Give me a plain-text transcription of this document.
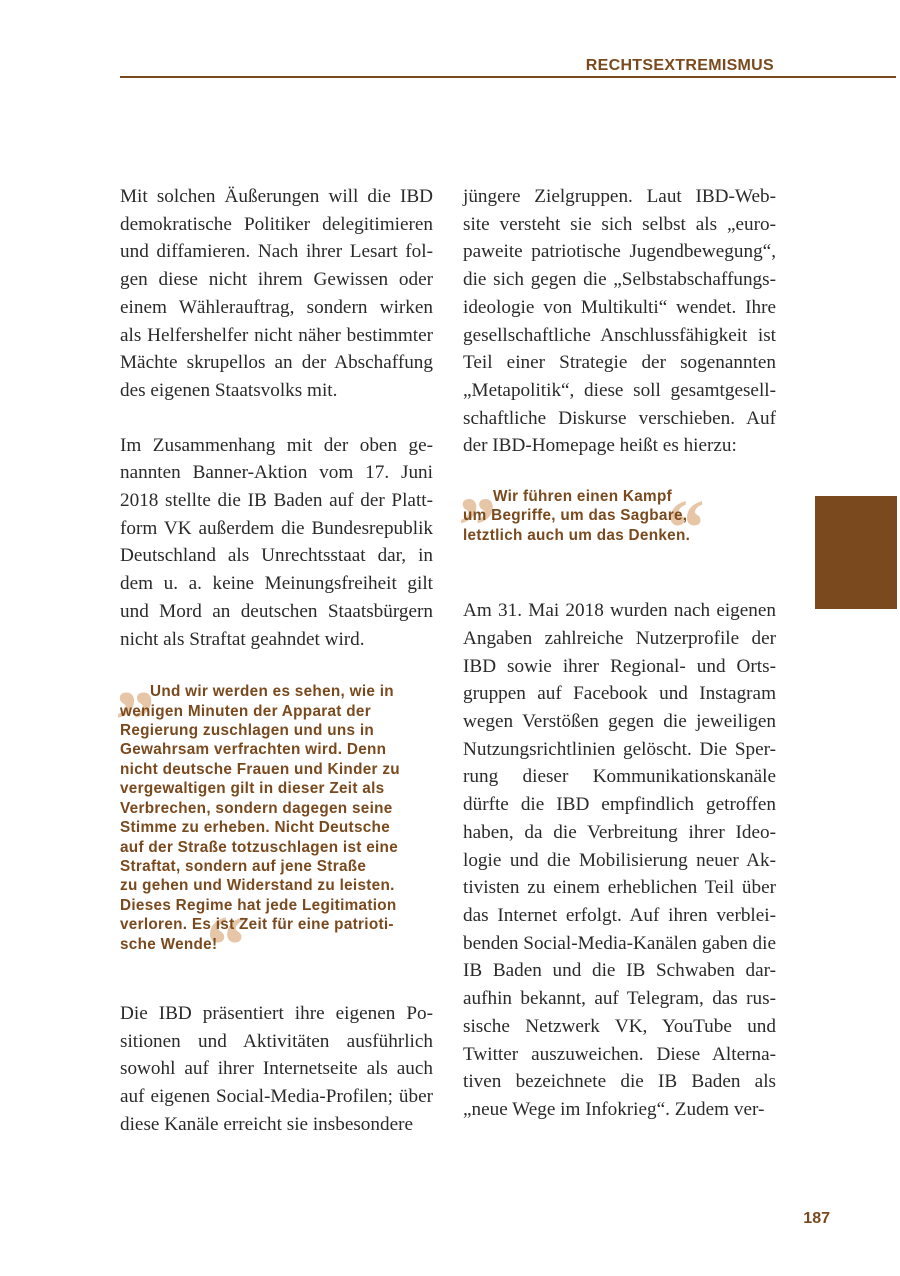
RECHTSEXTREMISMUS

Mit solchen Äußerungen will die IBD
demokratische Politiker delegitimieren
und diffamieren. Nach ihrer Lesart fol-
gen diese nicht ihrem Gewissen oder
einem Wählerauftrag, sondern wirken
als Helfershelfer nicht näher bestimmter
Mächte skrupellos an der Abschaffung
des eigenen Staatsvolks mit.

Im Zusammenhang mit der oben ge-
nannten Banner-Aktion vom 17. Juni
2018 stellte die IB Baden auf der Platt-
form VK außerdem die Bundesrepublik
Deutschland als Unrechtsstaat dar, in
dem u. a. keine Meinungsfreiheit gilt
und Mord an deutschen Staatsbürgern
nicht als Straftat geahndet wird.

„
“
Und wir werden es sehen, wie in
wenigen Minuten der Apparat der
Regierung zuschlagen und uns in
Gewahrsam verfrachten wird. Denn
nicht deutsche Frauen und Kinder zu
vergewaltigen gilt in dieser Zeit als
Verbrechen, sondern dagegen seine
Stimme zu erheben. Nicht Deutsche
auf der Straße totzuschlagen ist eine
Straftat, sondern auf jene Straße
zu gehen und Widerstand zu leisten.
Dieses Regime hat jede Legitimation
verloren. Es ist Zeit für eine patrioti-
sche Wende!

Die IBD präsentiert ihre eigenen Po-
sitionen und Aktivitäten ausführlich
sowohl auf ihrer Internetseite als auch
auf eigenen Social-Media-Profilen; über
diese Kanäle erreicht sie insbesondere

jüngere Zielgruppen. Laut IBD-Web-
site versteht sie sich selbst als „euro-
paweite patriotische Jugendbewegung“,
die sich gegen die „Selbstabschaffungs-
ideologie von Multikulti“ wendet. Ihre
gesellschaftliche Anschlussfähigkeit ist
Teil einer Strategie der sogenannten
„Metapolitik“, diese soll gesamtgesell-
schaftliche Diskurse verschieben. Auf
der IBD-Homepage heißt es hierzu:

„ “
Wir führen einen Kampf
um Begriffe, um das Sagbare,
letztlich auch um das Denken.

Am 31. Mai 2018 wurden nach eigenen
Angaben zahlreiche Nutzerprofile der
IBD sowie ihrer Regional- und Orts-
gruppen auf Facebook und Instagram
wegen Verstößen gegen die jeweiligen
Nutzungsrichtlinien gelöscht. Die Sper-
rung dieser Kommunikationskanäle
dürfte die IBD empfindlich getroffen
haben, da die Verbreitung ihrer Ideo-
logie und die Mobilisierung neuer Ak-
tivisten zu einem erheblichen Teil über
das Internet erfolgt. Auf ihren verblei-
benden Social-Media-Kanälen gaben die
IB Baden und die IB Schwaben dar-
aufhin bekannt, auf Telegram, das rus-
sische Netzwerk VK, YouTube und
Twitter auszuweichen. Diese Alterna-
tiven bezeichnete die IB Baden als
„neue Wege im Infokrieg“. Zudem ver-

187
